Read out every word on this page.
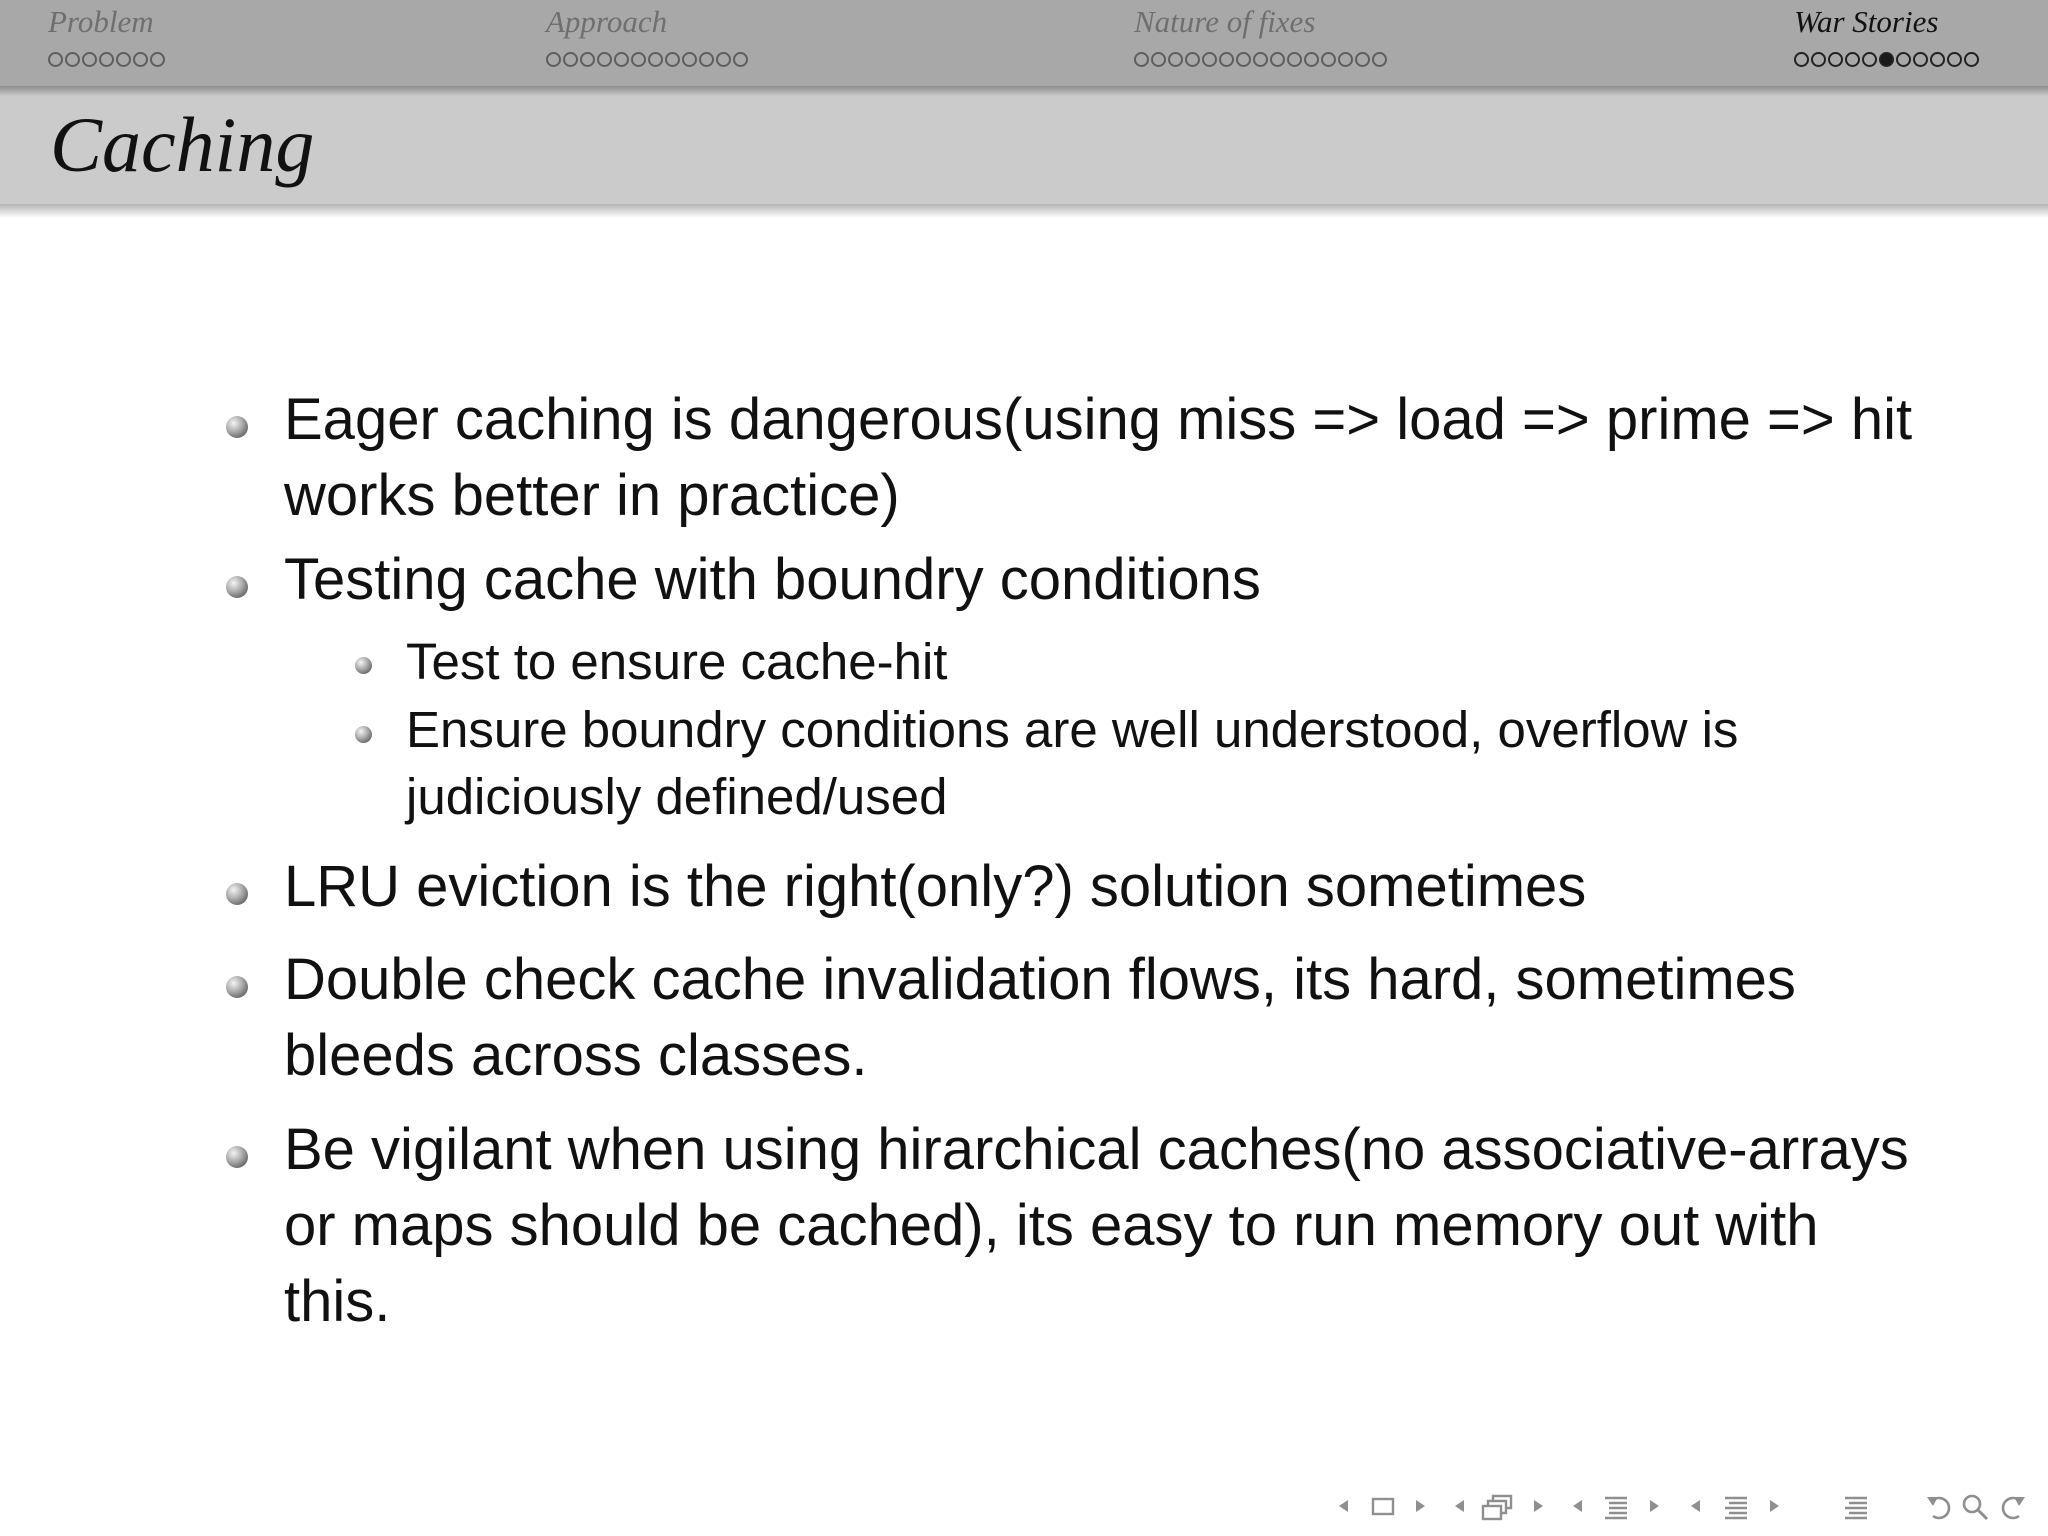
Problem	Approach	Nature of fixes	War Stories
Caching
Eager caching is dangerous(using miss => load => prime => hit works better in practice)
Testing cache with boundry conditions
Test to ensure cache-hit
Ensure boundry conditions are well understood, overflow is judiciously defined/used
LRU eviction is the right(only?) solution sometimes
Double check cache invalidation flows, its hard, sometimes bleeds across classes.
Be vigilant when using hirarchical caches(no associative-arrays or maps should be cached), its easy to run memory out with this.
